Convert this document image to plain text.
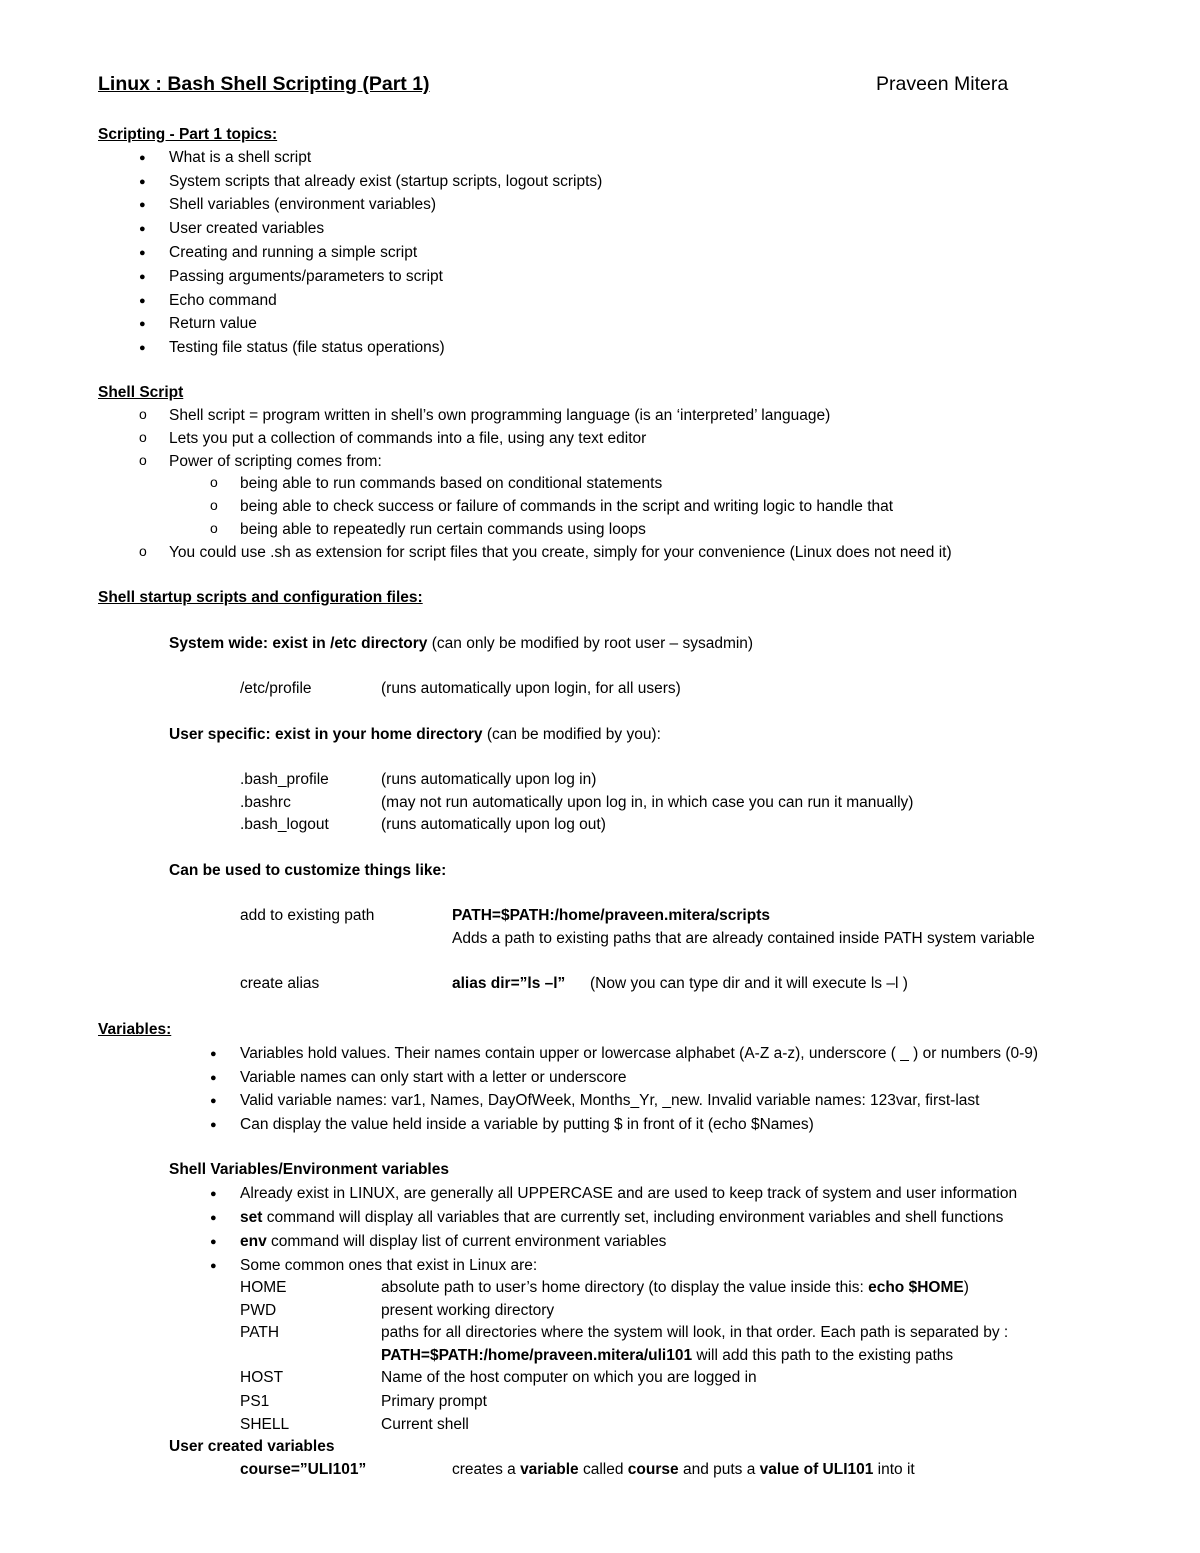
Linux : Bash Shell Scripting (Part 1)	Praveen Mitera
Scripting - Part 1 topics:
● What is a shell script
● System scripts that already exist (startup scripts, logout scripts)
● Shell variables (environment variables)
● User created variables
● Creating and running a simple script
● Passing arguments/parameters to script
● Echo command
● Return value
● Testing file status (file status operations)
Shell Script
o Shell script = program written in shell’s own programming language (is an ‘interpreted’ language)
o Lets you put a collection of commands into a file, using any text editor
o Power of scripting comes from:
o being able to run commands based on conditional statements
o being able to check success or failure of commands in the script and writing logic to handle that
o being able to repeatedly run certain commands using loops
o You could use .sh as extension for script files that you create, simply for your convenience (Linux does not need it)
Shell startup scripts and configuration files:
System wide: exist in /etc directory (can only be modified by root user – sysadmin)
/etc/profile	(runs automatically upon login, for all users)
User specific: exist in your home directory (can be modified by you):
.bash_profile	(runs automatically upon log in)
.bashrc	(may not run automatically upon log in, in which case you can run it manually)
.bash_logout	(runs automatically upon log out)
Can be used to customize things like:
add to existing path	PATH=$PATH:/home/praveen.mitera/scripts
Adds a path to existing paths that are already contained inside PATH system variable
create alias	alias dir=”ls –l” (Now you can type dir and it will execute ls –l )
Variables:
● Variables hold values. Their names contain upper or lowercase alphabet (A-Z a-z), underscore ( _ ) or numbers (0-9)
● Variable names can only start with a letter or underscore
● Valid variable names: var1, Names, DayOfWeek, Months_Yr, _new. Invalid variable names: 123var, first-last
● Can display the value held inside a variable by putting $ in front of it (echo $Names)
Shell Variables/Environment variables
● Already exist in LINUX, are generally all UPPERCASE and are used to keep track of system and user information
● set command will display all variables that are currently set, including environment variables and shell functions
● env command will display list of current environment variables
● Some common ones that exist in Linux are:
HOME	absolute path to user’s home directory (to display the value inside this: echo $HOME)
PWD	present working directory
PATH	paths for all directories where the system will look, in that order. Each path is separated by :
PATH=$PATH:/home/praveen.mitera/uli101 will add this path to the existing paths
HOST	Name of the host computer on which you are logged in
PS1	Primary prompt
SHELL	Current shell
User created variables
course=”ULI101”	creates a variable called course and puts a value of ULI101 into it
